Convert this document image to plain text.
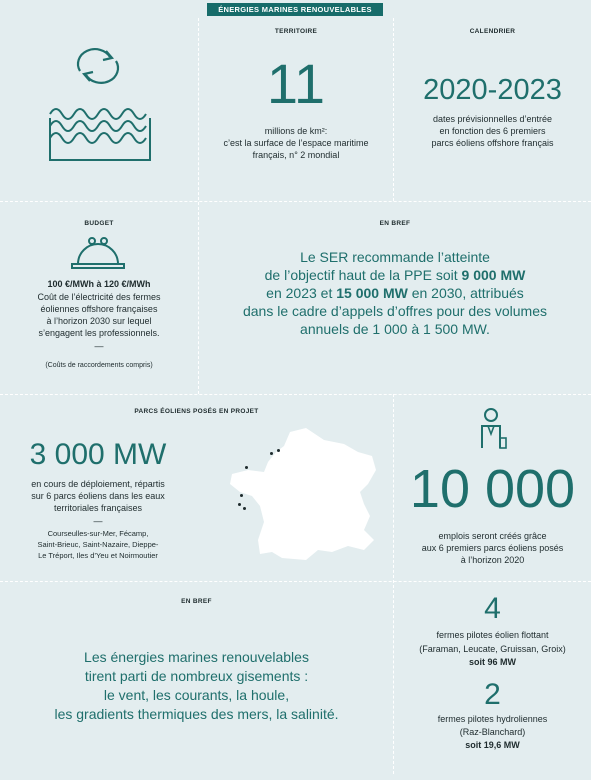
ÉNERGIES MARINES RENOUVELABLES
TERRITOIRE
11
millions de km²:
c’est la surface de l’espace maritime
français, n° 2 mondial
CALENDRIER
2020-2023
dates prévisionnelles d’entrée
en fonction des 6 premiers
parcs éoliens offshore français
BUDGET
100 €/MWh à 120 €/MWh
Coût de l’électricité des fermes
éoliennes offshore françaises
à l’horizon 2030 sur lequel
s’engagent les professionnels.
—
(Coûts de raccordements compris)
EN BREF
Le SER recommande l’atteinte
de l’objectif haut de la PPE soit 9 000 MW
en 2023 et 15 000 MW en 2030, attribués
dans le cadre d’appels d’offres pour des volumes
annuels de 1 000 à 1 500 MW.
PARCS ÉOLIENS POSÉS EN PROJET
3 000 MW
en cours de déploiement, répartis
sur 6 parcs éoliens dans les eaux
territoriales françaises
—
Courseulles-sur-Mer, Fécamp,
Saint-Brieuc, Saint-Nazaire, Dieppe-
Le Tréport, Iles d’Yeu et Noirmoutier
10 000
emplois seront créés grâce
aux 6 premiers parcs éoliens posés
à l’horizon 2020
EN BREF
Les énergies marines renouvelables
tirent parti de nombreux gisements :
le vent, les courants, la houle,
les gradients thermiques des mers, la salinité.
4
fermes pilotes éolien flottant
(Faraman, Leucate, Gruissan, Groix)
soit 96 MW
2
fermes pilotes hydroliennes
(Raz-Blanchard)
soit 19,6 MW
